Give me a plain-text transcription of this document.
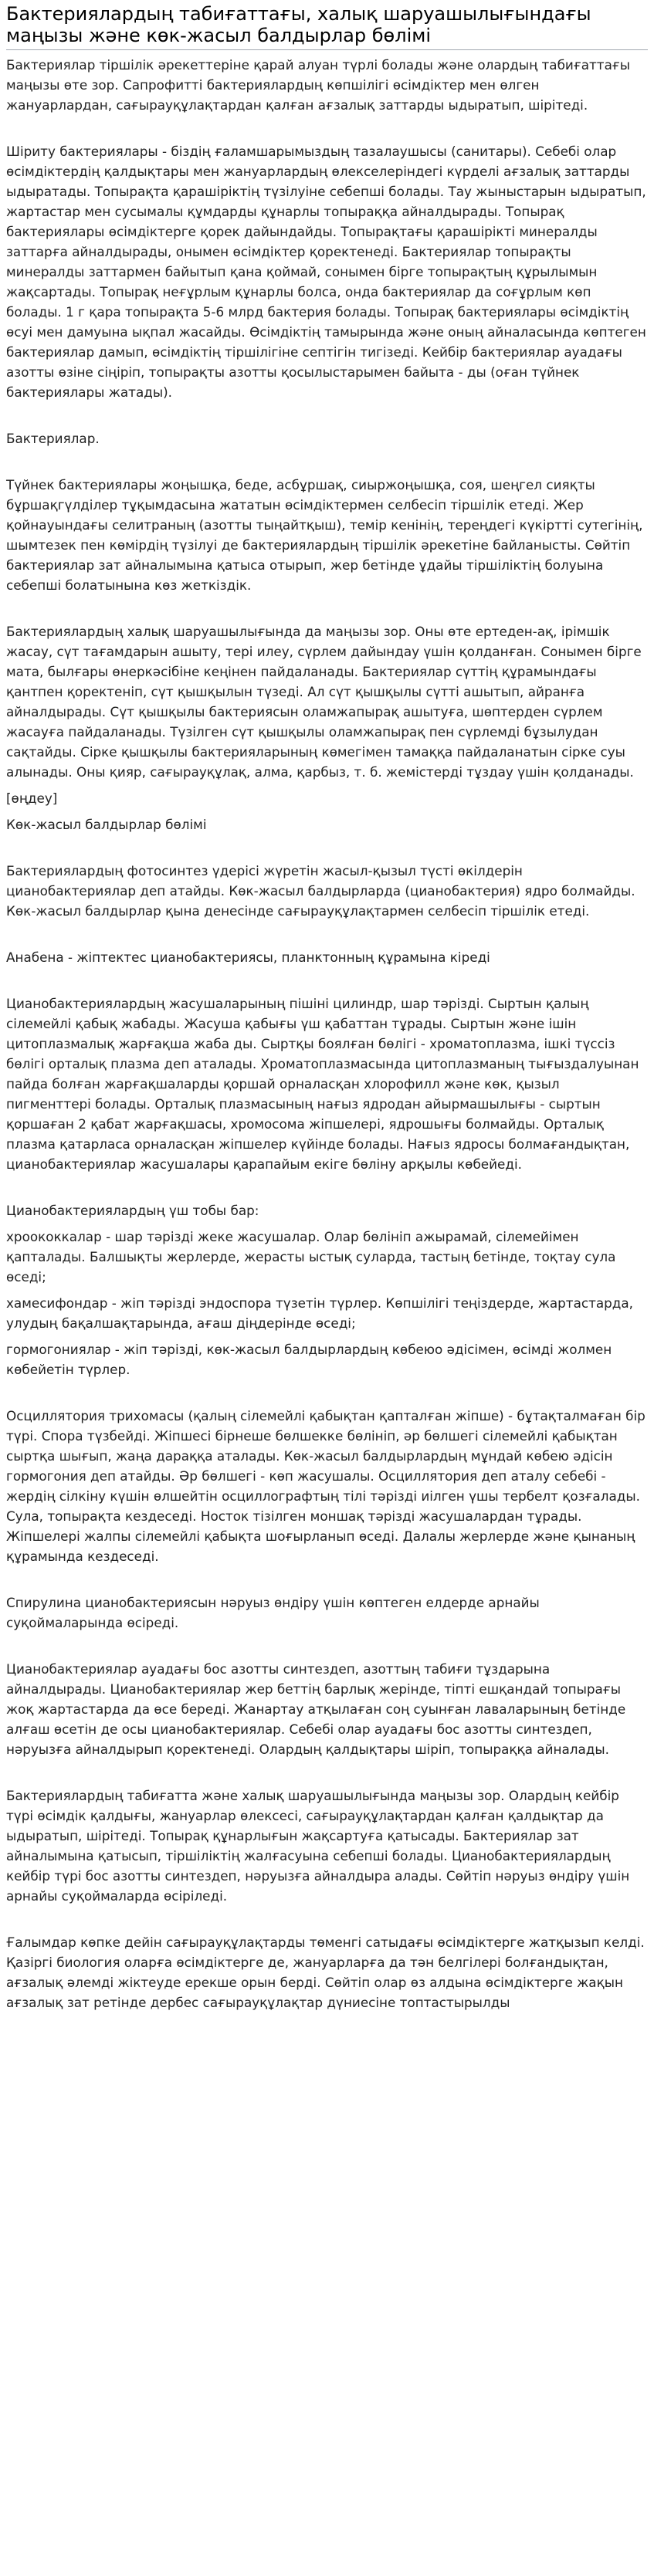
Бактериялардың табиғаттағы, халық шаруашылығындағы маңызы және көк-жасыл балдырлар бөлімі

Бактериялар тіршілік әрекеттеріне қарай алуан түрлі болады және олардың табиғаттағы маңызы өте зор. Сапрофитті бактериялардың көпшілігі өсімдіктер мен өлген жануарлардан, сағырауқұлақтардан қалған ағзалық заттарды ыдыратып, шірітеді.

Шіриту бактериялары - біздің ғаламшарымыздың тазалаушысы (санитары). Себебі олар өсімдіктердің қалдықтары мен жануарлардың өлекселеріндегі күрделі ағзалық заттарды ыдыратады. Топырақта қарашіріктің түзілуіне себепші болады. Тау жыныстарын ыдыратып, жартастар мен сусымалы құмдарды құнарлы топыраққа айналдырады. Топырақ бактериялары өсімдіктерге қорек дайындайды. Топырақтағы қарашірікті минералды заттарға айналдырады, онымен өсімдіктер қоректенеді. Бактериялар топырақты минералды заттармен байытып қана қоймай, сонымен бірге топырақтың құрылымын жақсартады. Топырақ неғұрлым құнарлы болса, онда бактериялар да соғұрлым көп болады. 1 г қара топырақта 5-6 млрд бактерия болады. Топырақ бактериялары өсімдіктің өсуі мен дамуына ықпал жасайды. Өсімдіктің тамырында және оның айналасында көптеген бактериялар дамып, өсімдіктің тіршілігіне септігін тигізеді. Кейбір бактериялар ауадағы азотты өзіне сіңіріп, топырақты азотты қосылыстарымен байыта - ды (оған түйнек бактериялары жатады).

Бактериялар.

Түйнек бактериялары жоңышқа, беде, асбұршақ, сиыржоңышқа, соя, шеңгел сияқты бұршақгүлділер тұқымдасына жататын өсімдіктермен селбесіп тіршілік етеді. Жер қойнауындағы селитраның (азотты тыңайтқыш), темір кенінің, тереңдегі күкіртті сутегінің, шымтезек пен көмірдің түзілуі де бактериялардың тіршілік әрекетіне байланысты. Сөйтіп бактериялар зат айналымына қатыса отырып, жер бетінде ұдайы тіршіліктің болуына себепші болатынына көз жеткіздік.

Бактериялардың халық шаруашылығында да маңызы зор. Оны өте ертеден-ақ, ірімшік жасау, сүт тағамдарын ашыту, тері илеу, сүрлем дайындау үшін қолданған. Сонымен бірге мата, былғары өнеркәсібіне кеңінен пайдаланады. Бактериялар сүттің құрамындағы қантпен қоректеніп, сүт қышқылын түзеді. Ал сүт қышқылы сүтті ашытып, айранға айналдырады. Сүт қышқылы бактериясын оламжапырақ ашытуға, шөптерден сүрлем жасауға пайдаланады. Түзілген сүт қышқылы оламжапырақ пен сүрлемді бұзылудан сақтайды. Сірке қышқылы бактерияларының көмегімен тамаққа пайдаланатын сірке суы алынады. Оны қияр, сағырауқұлақ, алма, қарбыз, т. б. жемістерді тұздау үшін қолданады.

[өңдеу]

Көк-жасыл балдырлар бөлімі

Бактериялардың фотосинтез үдерісі жүретін жасыл-қызыл түсті өкілдерін цианобактериялар деп атайды. Көк-жасыл балдырларда (цианобактерия) ядро болмайды. Көк-жасыл балдырлар қына денесінде сағырауқұлақтармен селбесіп тіршілік етеді.

Анабена - жіптектес цианобактериясы, планктонның құрамына кіреді

Цианобактериялардың жасушаларының пішіні цилиндр, шар тәрізді. Сыртын қалың сілемейлі қабық жабады. Жасуша қабығы үш қабаттан тұрады. Сыртын және ішін цитоплазмалық жарғақша жаба ды. Сыртқы боялған бөлігі - хроматоплазма, ішкі түссіз бөлігі орталық плазма деп аталады. Хроматоплазмасында цитоплазманың тығыздалуынан пайда болған жарғақшаларды қоршай орналасқан хлорофилл және көк, қызыл пигменттері болады. Орталық плазмасының нағыз ядродан айырмашылығы - сыртын қоршаған 2 қабат жарғақшасы, хромосома жіпшелері, ядрошығы болмайды. Орталық плазма қатарласа орналасқан жіпшелер күйінде болады. Нағыз ядросы болмағандықтан, цианобактериялар жасушалары қарапайым екіге бөліну арқылы көбейеді.

Цианобактериялардың үш тобы бар:

хроококкалар - шар тәрізді жеке жасушалар. Олар бөлініп ажырамай, сілемейімен қапталады. Балшықты жерлерде, жерасты ыстық суларда, тастың бетінде, тоқтау сула өседі;

хамесифондар - жіп тәрізді эндоспора түзетін түрлер. Көпшілігі теңіздерде, жартастарда, улудың бақалшақтарында, ағаш діңдерінде өседі;

гормогониялар - жіп тәрізді, көк-жасыл балдырлардың көбеюо әдісімен, өсімді жолмен көбейетін түрлер.

Осциллятория трихомасы (қалың сілемейлі қабықтан қапталған жіпше) - бұтақталмаған бір түрі. Спора түзбейді. Жіпшесі бірнеше бөлшекке бөлініп, әр бөлшегі сілемейлі қабықтан сыртқа шығып, жаңа дараққа аталады. Көк-жасыл балдырлардың мұндай көбею әдісін гормогония деп атайды. Әр бөлшегі - көп жасушалы. Осциллятория деп аталу себебі - жердің сілкіну күшін өлшейтін осциллографтың тілі тәрізді иілген үшы тербелт қозғалады. Сула, топырақта кездеседі. Носток тізілген моншақ тәрізді жасушалардан тұрады. Жіпшелері жалпы сілемейлі қабықта шоғырланып өседі. Далалы жерлерде және қынаның құрамында кездеседі.

Спирулина цианобактериясын нәруыз өндіру үшін көптеген елдерде арнайы суқоймаларында өсіреді.

Цианобактериялар ауадағы бос азотты синтездеп, азоттың табиғи тұздарына айналдырады. Цианобактериялар жер беттің барлық жерінде, тіпті ешқандай топырағы жоқ жартастарда да өсе береді. Жанартау атқылаған соң суынған лаваларының бетінде алғаш өсетін де осы цианобактериялар. Себебі олар ауадағы бос азотты синтездеп, нәруызға айналдырып қоректенеді. Олардың қалдықтары шіріп, топыраққа айналады.

Бактериялардың табиғатта және халық шаруашылығында маңызы зор. Олардың кейбір түрі өсімдік қалдығы, жануарлар өлексесі, сағырауқұлақтардан қалған қалдықтар да ыдыратып, шірітеді. Топырақ құнарлығын жақсартуға қатысады. Бактериялар зат айналымына қатысып, тіршіліктің жалғасуына себепші болады. Цианобактериялардың кейбір түрі бос азотты синтездеп, нәруызға айналдыра алады. Сөйтіп нәруыз өндіру үшін арнайы суқоймаларда өсіріледі.

Ғалымдар көпке дейін сағырауқұлақтарды төменгі сатыдағы өсімдіктерге жатқызып келді. Қазіргі биология оларға өсімдіктерге де, жануарларға да тән белгілері болғандықтан, ағзалық әлемді жіктеуде ерекше орын берді. Сөйтіп олар өз алдына өсімдіктерге жақын ағзалық зат ретінде дербес сағырауқұлақтар дүниесіне топтастырылды
